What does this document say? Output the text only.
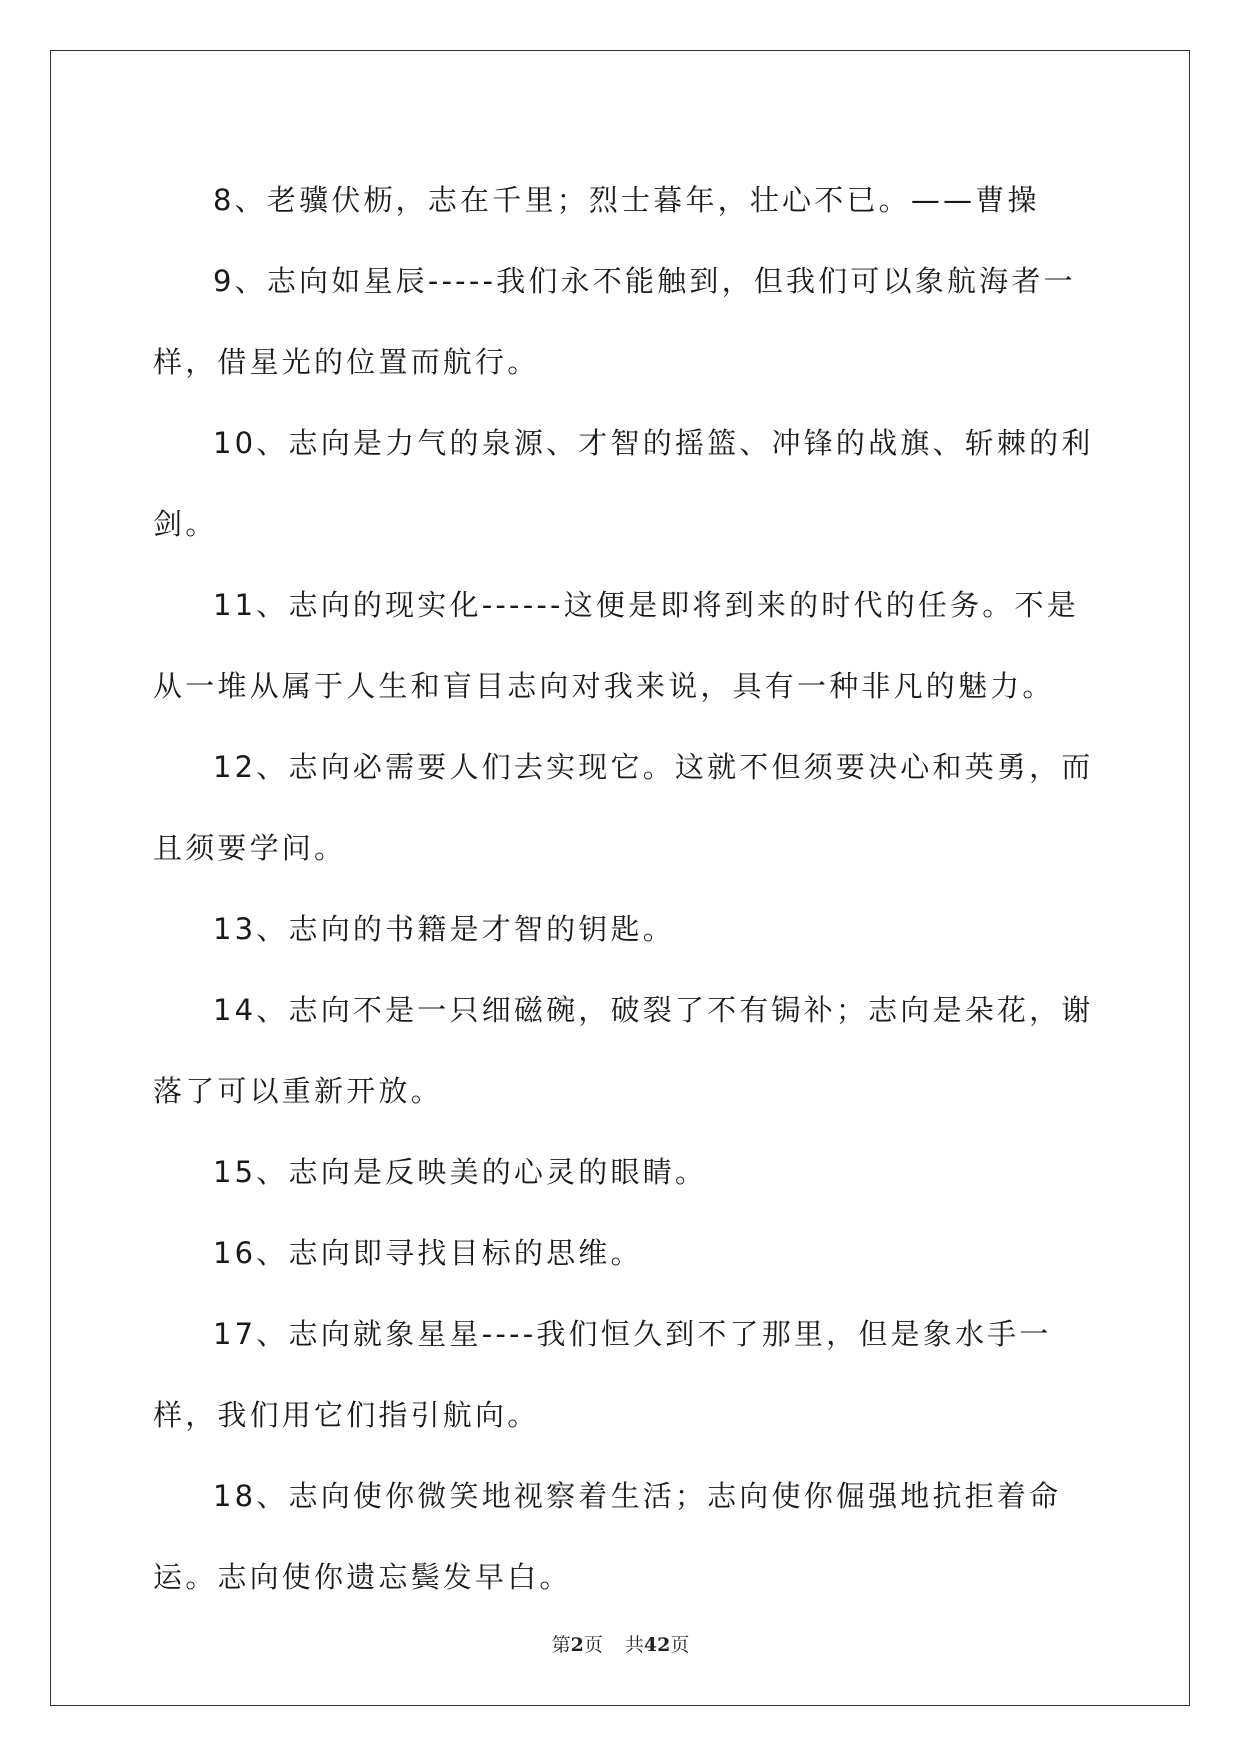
8、老骥伏枥，志在千里；烈士暮年，壮心不已。——曹操

9、志向如星辰-----我们永不能触到，但我们可以象航海者一样，借星光的位置而航行。

10、志向是力气的泉源、才智的摇篮、冲锋的战旗、斩棘的利剑。

11、志向的现实化------这便是即将到来的时代的任务。不是从一堆从属于人生和盲目志向对我来说，具有一种非凡的魅力。

12、志向必需要人们去实现它。这就不但须要决心和英勇，而且须要学问。

13、志向的书籍是才智的钥匙。

14、志向不是一只细磁碗，破裂了不有锔补；志向是朵花，谢落了可以重新开放。

15、志向是反映美的心灵的眼睛。

16、志向即寻找目标的思维。

17、志向就象星星----我们恒久到不了那里，但是象水手一样，我们用它们指引航向。

18、志向使你微笑地视察着生活；志向使你倔强地抗拒着命运。志向使你遗忘鬓发早白。

第2页 共42页
